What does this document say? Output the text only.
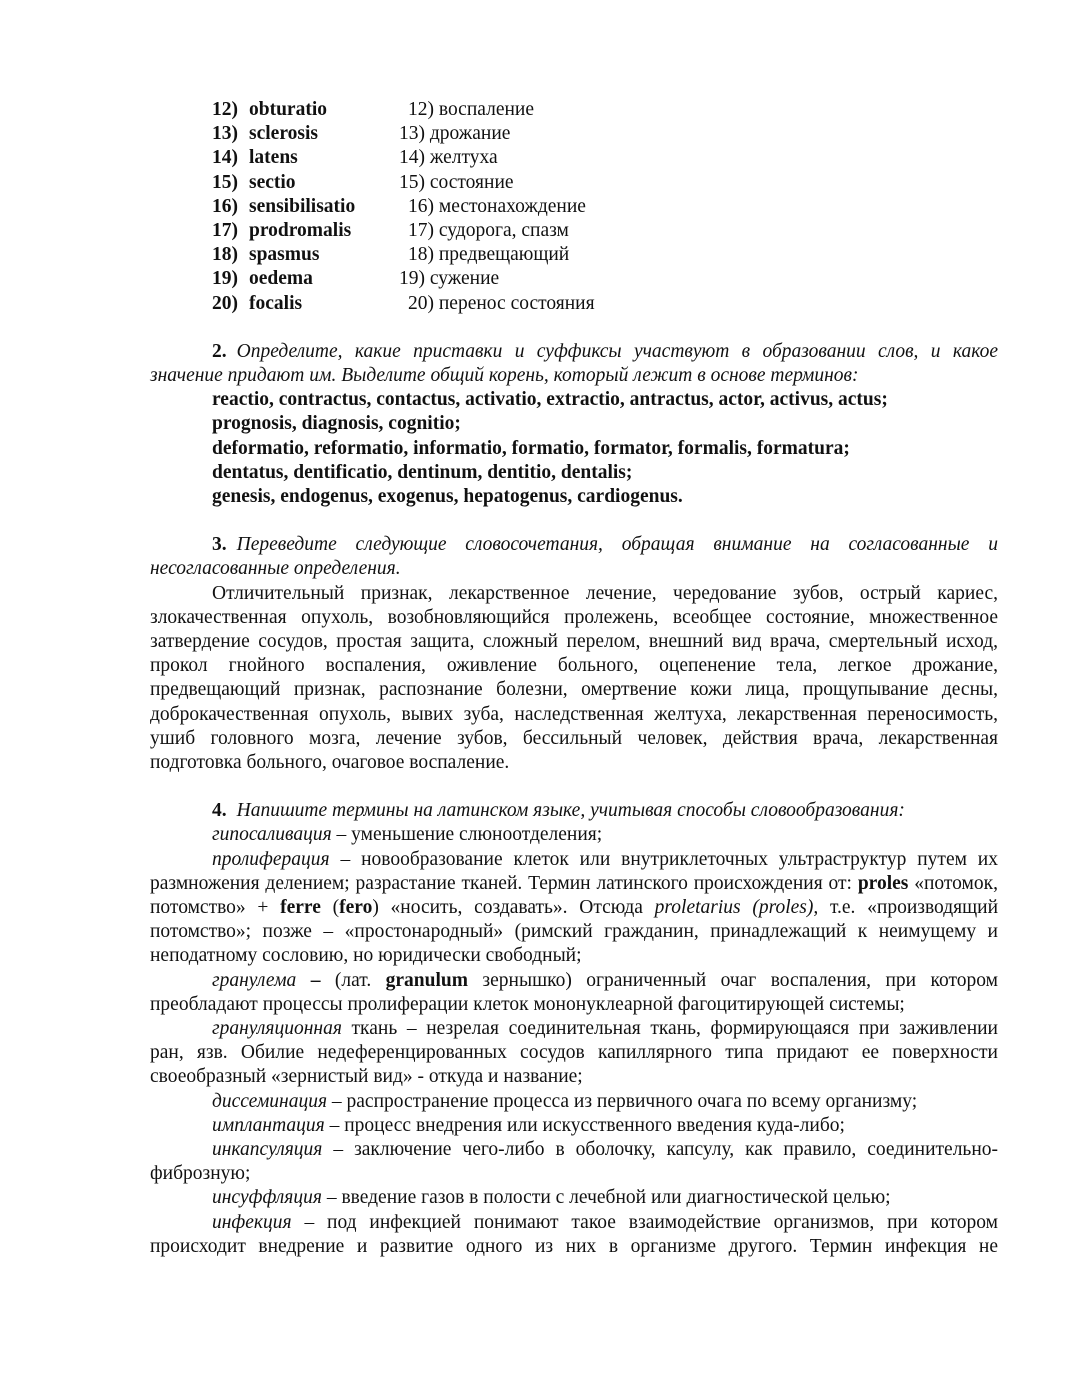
12) obturatio	12) воспаление
13) sclerosis	13) дрожание
14) latens	14) желтуха
15) sectio	15) состояние
16) sensibilisatio	16) местонахождение
17) prodromalis	17) судорога, спазм
18) spasmus	18) предвещающий
19) oedema	19) сужение
20) focalis	20) перенос состояния
2. Определите, какие приставки и суффиксы участвуют в образовании слов, и какое значение придают им. Выделите общий корень, который лежит в основе терминов:
reactio, contractus, contactus, activatio, extractio, antractus, actor, activus, actus;
prognosis, diagnosis, cognitio;
deformatio, reformatio, informatio, formatio, formator, formalis, formatura;
dentatus, dentificatio, dentinum, dentitio, dentalis;
genesis, endogenus, exogenus, hepatogenus, cardiogenus.
3. Переведите следующие словосочетания, обращая внимание на согласованные и несогласованные определения.
Отличительный признак, лекарственное лечение, чередование зубов, острый кариес, злокачественная опухоль, возобновляющийся пролежень, всеобщее состояние, множественное затвердение сосудов, простая защита, сложный перелом, внешний вид врача, смертельный исход, прокол гнойного воспаления, оживление больного, оцепенение тела, легкое дрожание, предвещающий признак, распознание болезни, омертвение кожи лица, прощупывание десны, доброкачественная опухоль, вывих зуба, наследственная желтуха, лекарственная переносимость, ушиб головного мозга, лечение зубов, бессильный человек, действия врача, лекарственная подготовка больного, очаговое воспаление.
4. Напишите термины на латинском языке, учитывая способы словообразования:
гипосаливация – уменьшение слюноотделения;
пролиферация – новообразование клеток или внутриклеточных ультраструктур путем их размножения делением; разрастание тканей. Термин латинского происхождения от: proles «потомок, потомство» + ferre (fero) «носить, создавать». Отсюда proletarius (proles), т.е. «производящий потомство»; позже – «простонародный» (римский гражданин, принадлежащий к неимущему и неподатному сословию, но юридически свободный;
гранулема – (лат. granulum зернышко) ограниченный очаг воспаления, при котором преобладают процессы пролиферации клеток мононуклеарной фагоцитирующей системы;
грануляционная ткань – незрелая соединительная ткань, формирующаяся при заживлении ран, язв. Обилие недеференцированных сосудов капиллярного типа придают ее поверхности своеобразный «зернистый вид» - откуда и название;
диссеминация – распространение процесса из первичного очага по всему организму;
имплантация – процесс внедрения или искусственного введения куда-либо;
инкапсуляция – заключение чего-либо в оболочку, капсулу, как правило, соединительно-фиброзную;
инсуффляция – введение газов в полости с лечебной или диагностической целью;
инфекция – под инфекцией понимают такое взаимодействие организмов, при котором происходит внедрение и развитие одного из них в организме другого. Термин инфекция не
